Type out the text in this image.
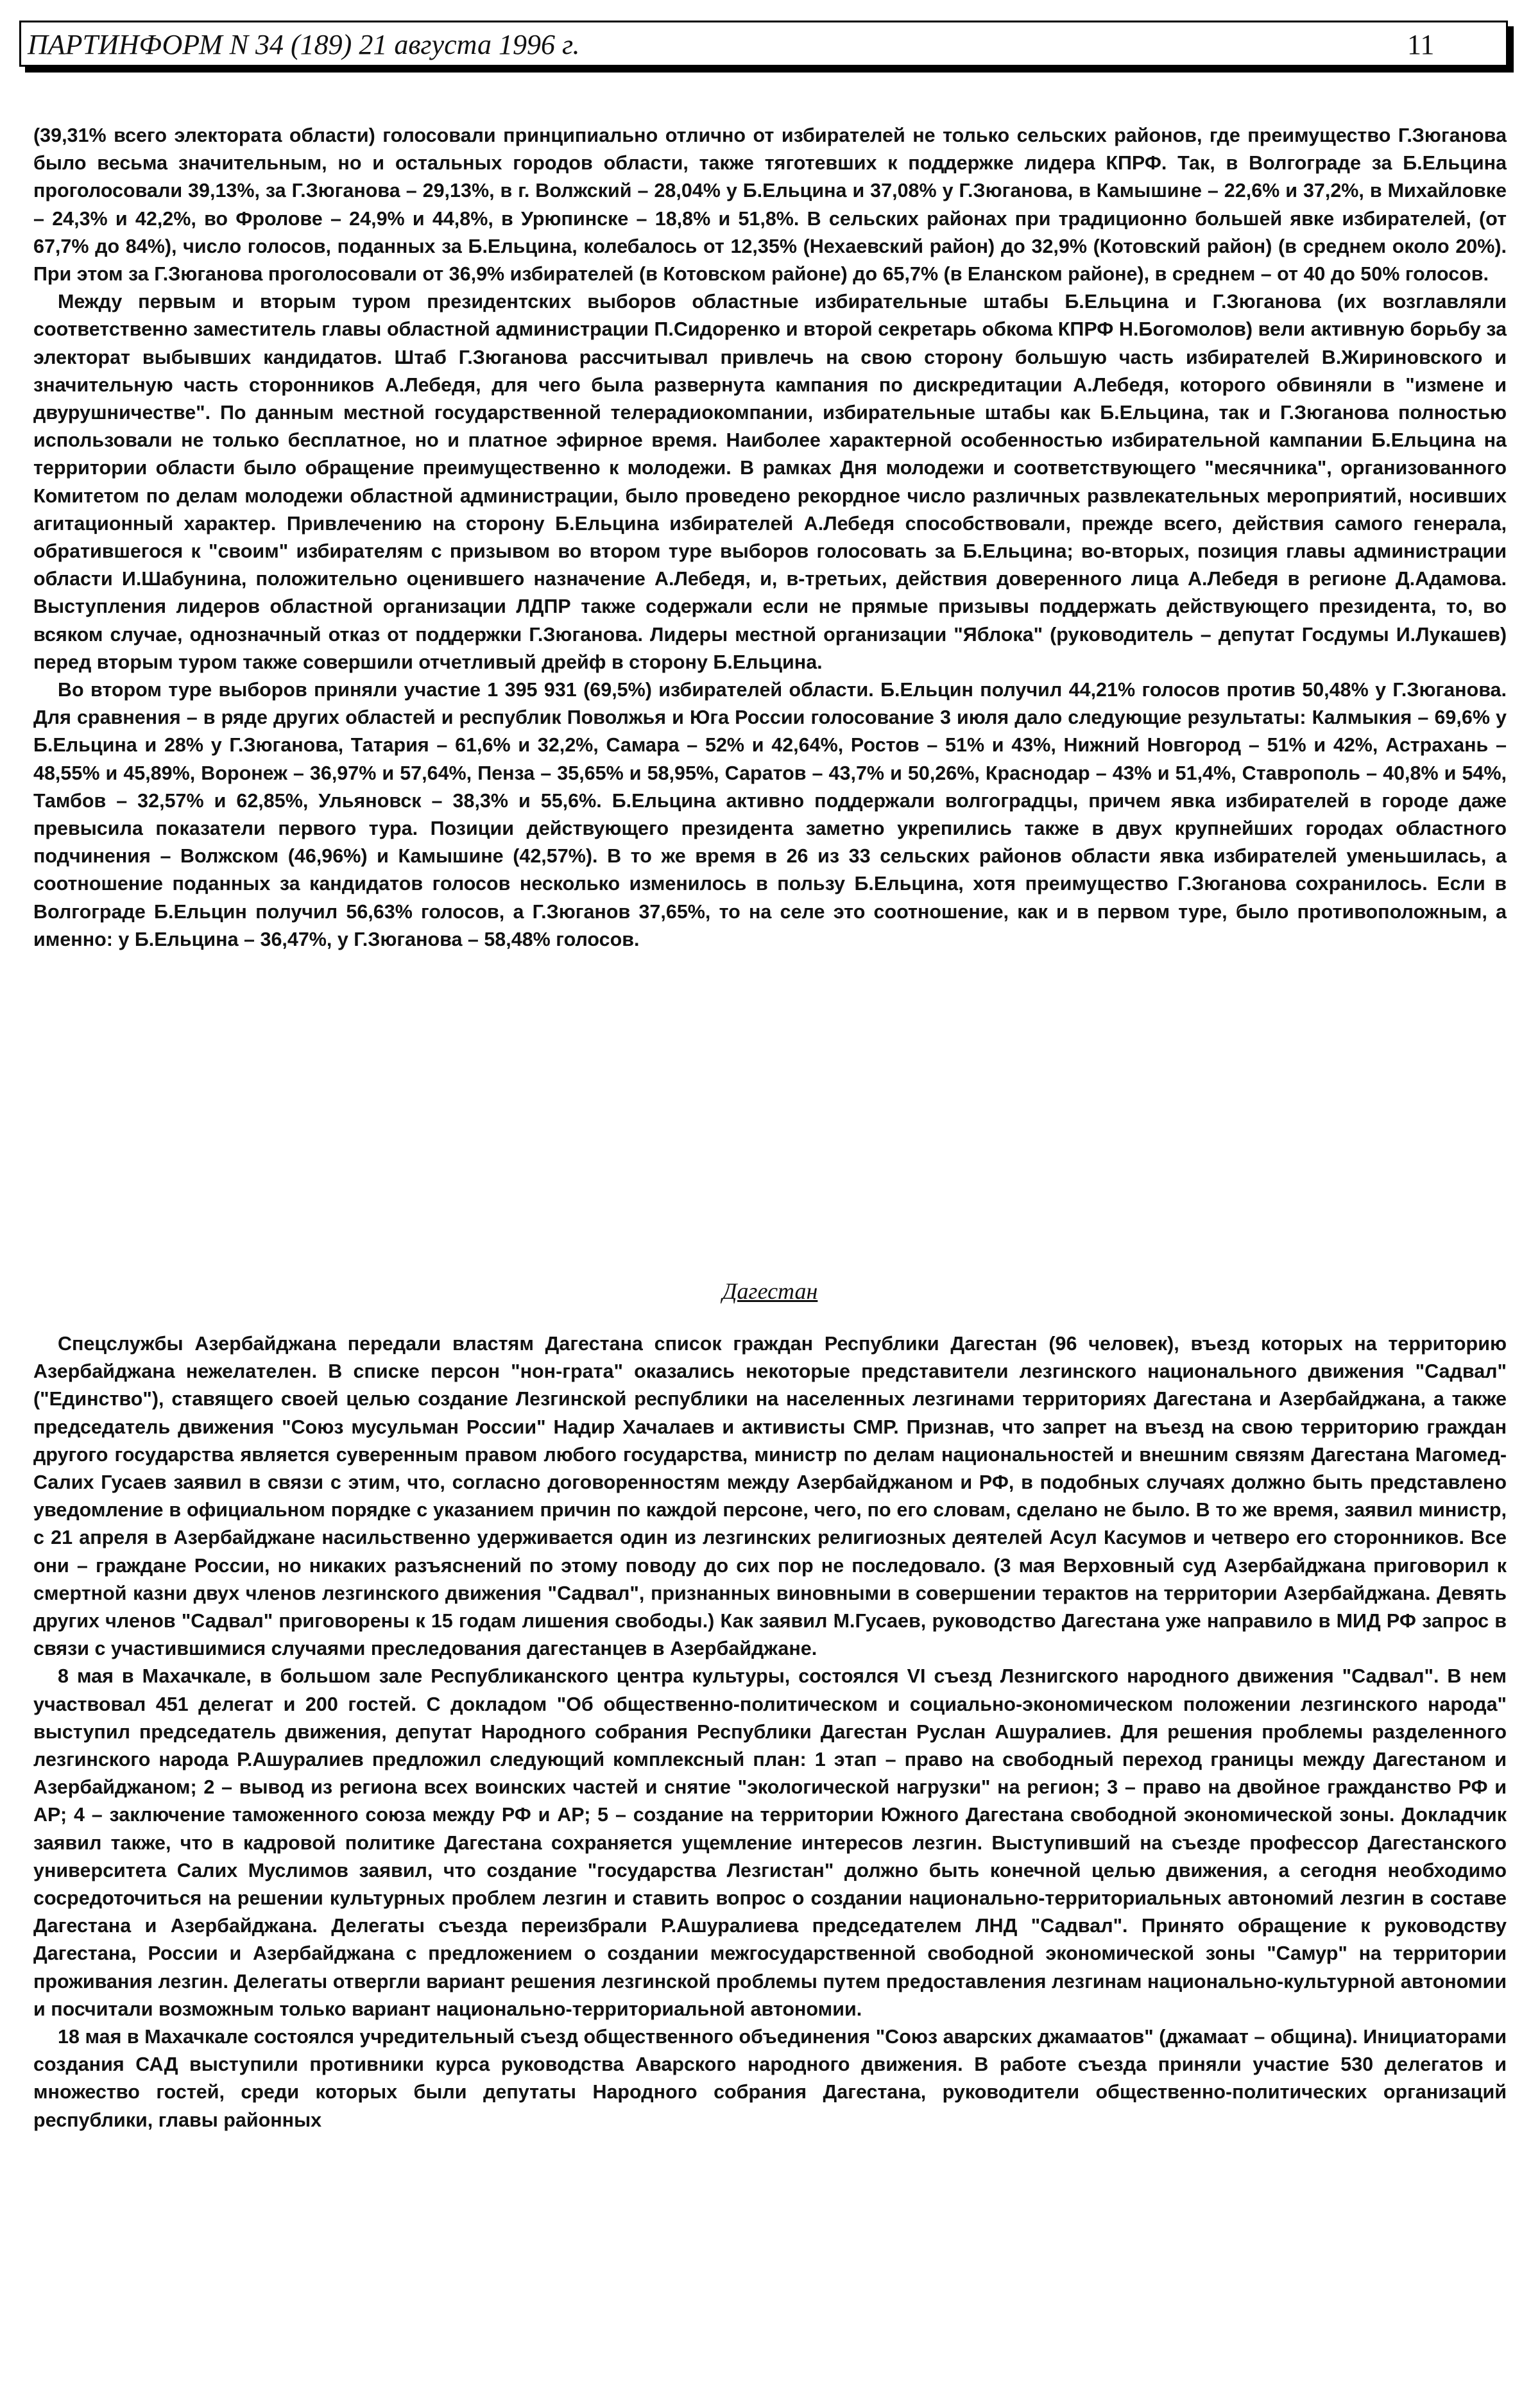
ПАРТИНФОРМ N 34 (189) 21 августа 1996 г.	11

(39,31% всего электората области) голосовали принципиально отлично от избирателей не только сельских районов, где преимущество Г.Зюганова было весьма значительным, но и остальных городов области, также тяготевших к поддержке лидера КПРФ. Так, в Волгограде за Б.Ельцина проголосовали 39,13%, за Г.Зюганова – 29,13%, в г. Волжский – 28,04% у Б.Ельцина и 37,08% у Г.Зюганова, в Камышине – 22,6% и 37,2%, в Михайловке – 24,3% и 42,2%, во Фролове – 24,9% и 44,8%, в Урюпинске – 18,8% и 51,8%. В сельских районах при традиционно большей явке избирателей, (от 67,7% до 84%), число голосов, поданных за Б.Ельцина, колебалось от 12,35% (Нехаевский район) до 32,9% (Котовский район) (в среднем около 20%). При этом за Г.Зюганова проголосовали от 36,9% избирателей (в Котовском районе) до 65,7% (в Еланском районе), в среднем – от 40 до 50% голосов.

Между первым и вторым туром президентских выборов областные избирательные штабы Б.Ельцина и Г.Зюганова (их возглавляли соответственно заместитель главы областной администрации П.Сидоренко и второй секретарь обкома КПРФ Н.Богомолов) вели активную борьбу за электорат выбывших кандидатов. Штаб Г.Зюганова рассчитывал привлечь на свою сторону большую часть избирателей В.Жириновского и значительную часть сторонников А.Лебедя, для чего была развернута кампания по дискредитации А.Лебедя, которого обвиняли в "измене и двурушничестве". По данным местной государственной телерадиокомпании, избирательные штабы как Б.Ельцина, так и Г.Зюганова полностью использовали не только бесплатное, но и платное эфирное время. Наиболее характерной особенностью избирательной кампании Б.Ельцина на территории области было обращение преимущественно к молодежи. В рамках Дня молодежи и соответствующего "месячника", организованного Комитетом по делам молодежи областной администрации, было проведено рекордное число различных развлекательных мероприятий, носивших агитационный характер. Привлечению на сторону Б.Ельцина избирателей А.Лебедя способствовали, прежде всего, действия самого генерала, обратившегося к "своим" избирателям с призывом во втором туре выборов голосовать за Б.Ельцина; во-вторых, позиция главы администрации области И.Шабунина, положительно оценившего назначение А.Лебедя, и, в-третьих, действия доверенного лица А.Лебедя в регионе Д.Адамова. Выступления лидеров областной организации ЛДПР также содержали если не прямые призывы поддержать действующего президента, то, во всяком случае, однозначный отказ от поддержки Г.Зюганова. Лидеры местной организации "Яблока" (руководитель – депутат Госдумы И.Лукашев) перед вторым туром также совершили отчетливый дрейф в сторону Б.Ельцина.

Во втором туре выборов приняли участие 1 395 931 (69,5%) избирателей области. Б.Ельцин получил 44,21% голосов против 50,48% у Г.Зюганова. Для сравнения – в ряде других областей и республик Поволжья и Юга России голосование 3 июля дало следующие результаты: Калмыкия – 69,6% у Б.Ельцина и 28% у Г.Зюганова, Татария – 61,6% и 32,2%, Самара – 52% и 42,64%, Ростов – 51% и 43%, Нижний Новгород – 51% и 42%, Астрахань – 48,55% и 45,89%, Воронеж – 36,97% и 57,64%, Пенза – 35,65% и 58,95%, Саратов – 43,7% и 50,26%, Краснодар – 43% и 51,4%, Ставрополь – 40,8% и 54%, Тамбов – 32,57% и 62,85%, Ульяновск – 38,3% и 55,6%. Б.Ельцина активно поддержали волгоградцы, причем явка избирателей в городе даже превысила показатели первого тура. Позиции действующего президента заметно укрепились также в двух крупнейших городах областного подчинения – Волжском (46,96%) и Камышине (42,57%). В то же время в 26 из 33 сельских районов области явка избирателей уменьшилась, а соотношение поданных за кандидатов голосов несколько изменилось в пользу Б.Ельцина, хотя преимущество Г.Зюганова сохранилось. Если в Волгограде Б.Ельцин получил 56,63% голосов, а Г.Зюганов 37,65%, то на селе это соотношение, как и в первом туре, было противоположным, а именно: у Б.Ельцина – 36,47%, у Г.Зюганова – 58,48% голосов.

Дагестан

Спецслужбы Азербайджана передали властям Дагестана список граждан Республики Дагестан (96 человек), въезд которых на территорию Азербайджана нежелателен. В списке персон "нон-грата" оказались некоторые представители лезгинского национального движения "Садвал" ("Единство"), ставящего своей целью создание Лезгинской республики на населенных лезгинами территориях Дагестана и Азербайджана, а также председатель движения "Союз мусульман России" Надир Хачалаев и активисты СМР. Признав, что запрет на въезд на свою территорию граждан другого государства является суверенным правом любого государства, министр по делам национальностей и внешним связям Дагестана Магомед-Салих Гусаев заявил в связи с этим, что, согласно договоренностям между Азербайджаном и РФ, в подобных случаях должно быть представлено уведомление в официальном порядке с указанием причин по каждой персоне, чего, по его словам, сделано не было. В то же время, заявил министр, с 21 апреля в Азербайджане насильственно удерживается один из лезгинских религиозных деятелей Асул Касумов и четверо его сторонников. Все они – граждане России, но никаких разъяснений по этому поводу до сих пор не последовало. (3 мая Верховный суд Азербайджана приговорил к смертной казни двух членов лезгинского движения "Садвал", признанных виновными в совершении терактов на территории Азербайджана. Девять других членов "Садвал" приговорены к 15 годам лишения свободы.) Как заявил М.Гусаев, руководство Дагестана уже направило в МИД РФ запрос в связи с участившимися случаями преследования дагестанцев в Азербайджане.

8 мая в Махачкале, в большом зале Республиканского центра культуры, состоялся VI съезд Лезнигского народного движения "Садвал". В нем участвовал 451 делегат и 200 гостей. С докладом "Об общественно-политическом и социально-экономическом положении лезгинского народа" выступил председатель движения, депутат Народного собрания Республики Дагестан Руслан Ашуралиев. Для решения проблемы разделенного лезгинского народа Р.Ашуралиев предложил следующий комплексный план: 1 этап – право на свободный переход границы между Дагестаном и Азербайджаном; 2 – вывод из региона всех воинских частей и снятие "экологической нагрузки" на регион; 3 – право на двойное гражданство РФ и АР; 4 – заключение таможенного союза между РФ и АР; 5 – создание на территории Южного Дагестана свободной экономической зоны. Докладчик заявил также, что в кадровой политике Дагестана сохраняется ущемление интересов лезгин. Выступивший на съезде профессор Дагестанского университета Салих Муслимов заявил, что создание "государства Лезгистан" должно быть конечной целью движения, а сегодня необходимо сосредоточиться на решении культурных проблем лезгин и ставить вопрос о создании национально-территориальных автономий лезгин в составе Дагестана и Азербайджана. Делегаты съезда переизбрали Р.Ашуралиева председателем ЛНД "Садвал". Принято обращение к руководству Дагестана, России и Азербайджана с предложением о создании межгосударственной свободной экономической зоны "Самур" на территории проживания лезгин. Делегаты отвергли вариант решения лезгинской проблемы путем предоставления лезгинам национально-культурной автономии и посчитали возможным только вариант национально-территориальной автономии.

18 мая в Махачкале состоялся учредительный съезд общественного объединения "Союз аварских джамаатов" (джамаат – община). Инициаторами создания САД выступили противники курса руководства Аварского народного движения. В работе съезда приняли участие 530 делегатов и множество гостей, среди которых были депутаты Народного собрания Дагестана, руководители общественно-политических организаций республики, главы районных
